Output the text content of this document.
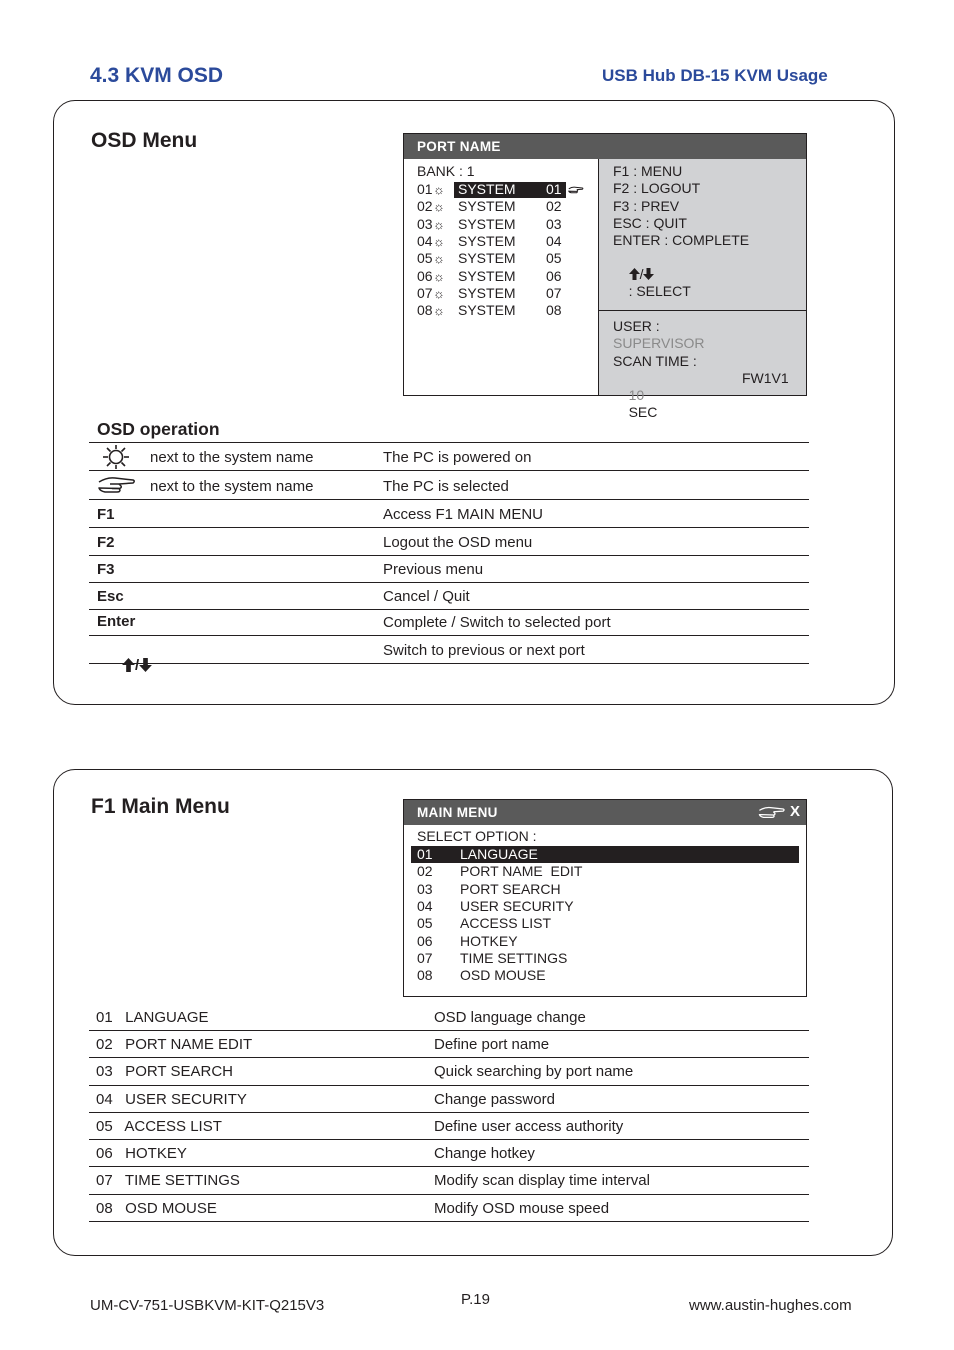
4.3 KVM OSD	USB Hub DB-15 KVM Usage
OSD Menu	PORT NAME
BANK : 1
01 ☼ SYSTEM 01
02 ☼ SYSTEM 02
03 ☼ SYSTEM 03
04 ☼ SYSTEM 04
05 ☼ SYSTEM 05
06 ☼ SYSTEM 06
07 ☼ SYSTEM 07
08 ☼ SYSTEM 08
F1 : MENU
F2 : LOGOUT
F3 : PREV
ESC : QUIT
ENTER : COMPLETE

/
: SELECT

USER :
SUPERVISOR
SCAN TIME :

10
SEC

FW1V1
OSD operation
next to the system name	The PC is powered on
next to the system name	The PC is selected
F1	Access F1 MAIN MENU
F2	Logout the OSD menu
F3	Previous menu
Esc	Cancel / Quit
Enter	Complete / Switch to selected port

/

Switch to previous or next port
F1 Main Menu	MAIN MENU	X
SELECT OPTION :
01 LANGUAGE
02 PORT NAME  EDIT
03 PORT SEARCH
04 USER SECURITY
05 ACCESS LIST
06 HOTKEY
07 TIME SETTINGS
08 OSD MOUSE
01   LANGUAGE	OSD language change
02   PORT NAME EDIT	Define port name
03   PORT SEARCH	Quick searching by port name
04   USER SECURITY	Change password
05   ACCESS LIST	Define user access authority
06   HOTKEY	Change hotkey
07   TIME SETTINGS	Modify scan display time interval
08   OSD MOUSE	Modify OSD mouse speed
UM-CV-751-USBKVM-KIT-Q215V3	P.19	www.austin-hughes.com
